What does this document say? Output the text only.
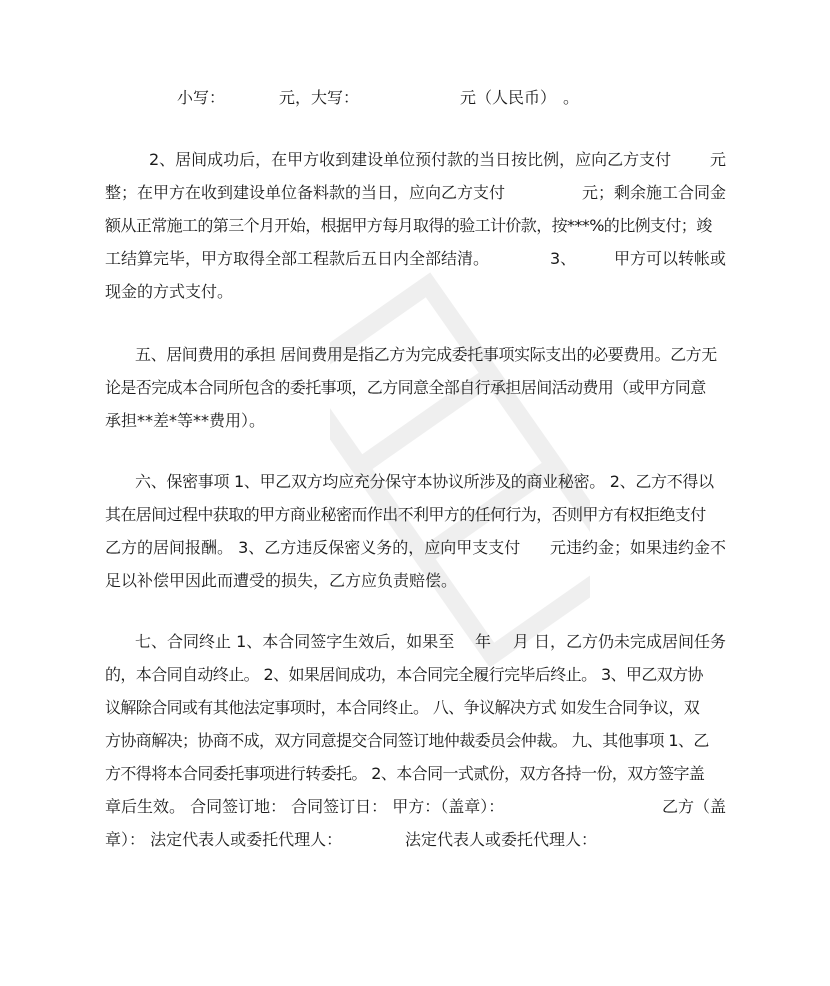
小写：	元，大写：	元（人民币） 。
2、居间成功后，在甲方收到建设单位预付款的当日按比例，应向乙方支付 元
整；在甲方在收到建设单位备料款的当日，应向乙方支付	元；剩余施工合同金
额从正常施工的第三个月开始，根据甲方每月取得的验工计价款，按***%的比例支付；竣
工结算完毕，甲方取得全部工程款后五日内全部结清。	3、 甲方可以转帐或
现金的方式支付。
五、居间费用的承担 居间费用是指乙方为完成委托事项实际支出的必要费用。乙方无
论是否完成本合同所包含的委托事项，乙方同意全部自行承担居间活动费用（或甲方同意
承担**差*等**费用）。
六、保密事项 1、甲乙双方均应充分保守本协议所涉及的商业秘密。 2、乙方不得以
其在居间过程中获取的甲方商业秘密而作出不利甲方的任何行为，否则甲方有权拒绝支付
乙方的居间报酬。 3、乙方违反保密义务的，应向甲支支付 元违约金；如果违约金不
足以补偿甲因此而遭受的损失，乙方应负责赔偿。
七、合同终止 1、本合同签字生效后，如果至 年 月 日，乙方仍未完成居间任务
的，本合同自动终止。 2、如果居间成功，本合同完全履行完毕后终止。 3、甲乙双方协
议解除合同或有其他法定事项时，本合同终止。 八、争议解决方式 如发生合同争议，双
方协商解决；协商不成，双方同意提交合同签订地仲裁委员会仲裁。 九、其他事项 1、乙
方不得将本合同委托事项进行转委托。 2、本合同一式贰份，双方各持一份，双方签字盖
章后生效。 合同签订地： 合同签订日： 甲方：（盖章）：	乙方（盖
章）： 法定代表人或委托代理人：	法定代表人或委托代理人：
